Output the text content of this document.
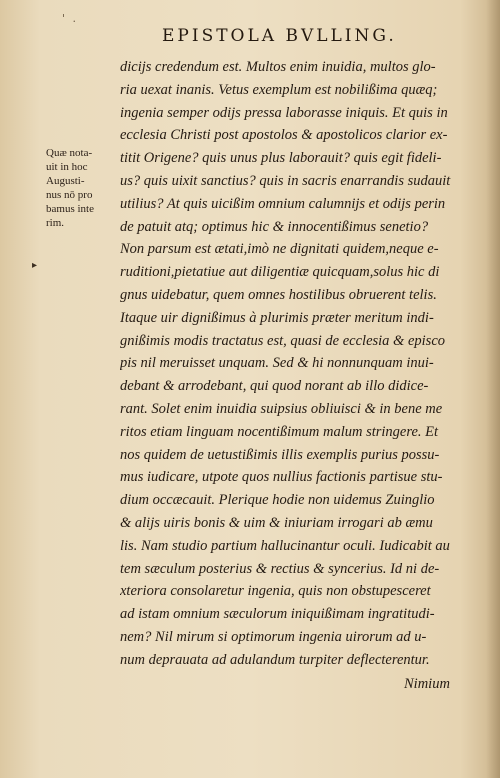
' .
EPISTOLA BVLLING.
Quæ nota-
uit in hoc
Augusti-
nus nō pro
bamus inte
rim.
▸
dicijs credendum est. Multos enim inuidia, multos glo-
ria uexat inanis. Vetus exemplum est nobilißima quæq;
ingenia semper odijs pressa laborasse iniquis. Et quis in
ecclesia Christi post apostolos & apostolicos clarior ex-
titit Origene? quis unus plus laborauit? quis egit fideli-
us? quis uixit sanctius? quis in sacris enarrandis sudauit
utilius? At quis uicißim omnium calumnijs et odijs perin
de patuit atq; optimus hic & innocentißimus senetio?
Non parsum est ætati,imò ne dignitati quidem,neque e-
ruditioni,pietatiue aut diligentiæ quicquam,solus hic di
gnus uidebatur, quem omnes hostilibus obruerent telis.
Itaque uir dignißimus à plurimis præter meritum indi-
gnißimis modis tractatus est, quasi de ecclesia & episco
pis nil meruisset unquam. Sed & hi nonnunquam inui-
debant & arrodebant, qui quod norant ab illo didice-
rant. Solet enim inuidia suipsius obliuisci & in bene me
ritos etiam linguam nocentißimum malum stringere. Et
nos quidem de uetustißimis illis exemplis purius possu-
mus iudicare, utpote quos nullius factionis partisue stu-
dium occæcauit. Plerique hodie non uidemus Zuinglio
& alijs uiris bonis & uim & iniuriam irrogari ab æmu
lis. Nam studio partium hallucinantur oculi. Iudicabit au
tem sæculum posterius & rectius & syncerius. Id ni de-
xteriora consolaretur ingenia, quis non obstupesceret
ad istam omnium sæculorum iniquißimam ingratitudi-
nem? Nil mirum si optimorum ingenia uirorum ad u-
num deprauata ad adulandum turpiter deflecterentur.
Nimium
